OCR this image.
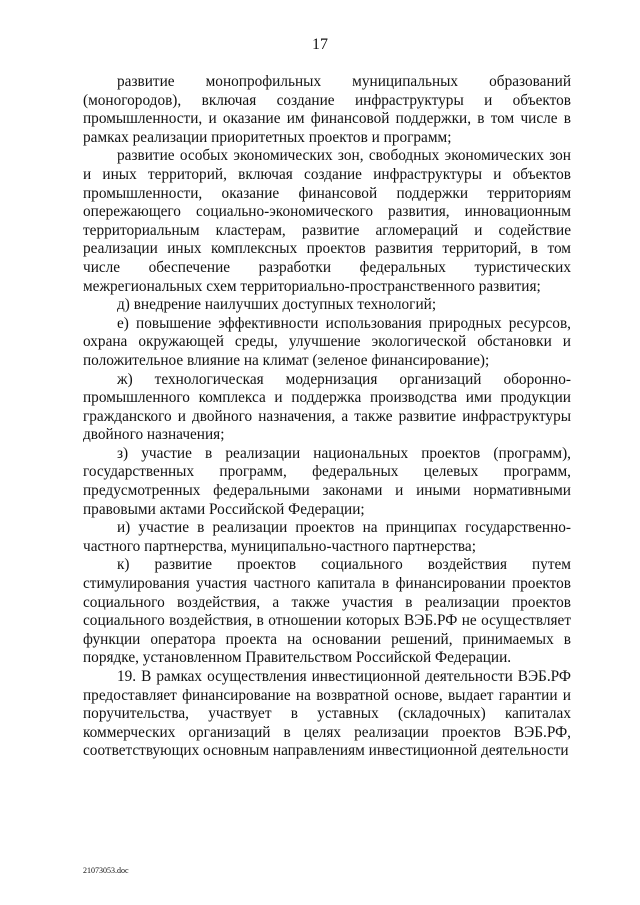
17

развитие монопрофильных муниципальных образований (моногородов), включая создание инфраструктуры и объектов промышленности, и оказание им финансовой поддержки, в том числе в рамках реализации приоритетных проектов и программ;

развитие особых экономических зон, свободных экономических зон и иных территорий, включая создание инфраструктуры и объектов промышленности, оказание финансовой поддержки территориям опережающего социально-экономического развития, инновационным территориальным кластерам, развитие агломераций и содействие реализации иных комплексных проектов развития территорий, в том числе обеспечение разработки федеральных туристических межрегиональных схем территориально-пространственного развития;

д) внедрение наилучших доступных технологий;

е) повышение эффективности использования природных ресурсов, охрана окружающей среды, улучшение экологической обстановки и положительное влияние на климат (зеленое финансирование);

ж) технологическая модернизация организаций оборонно-промышленного комплекса и поддержка производства ими продукции гражданского и двойного назначения, а также развитие инфраструктуры двойного назначения;

з) участие в реализации национальных проектов (программ), государственных программ, федеральных целевых программ, предусмотренных федеральными законами и иными нормативными правовыми актами Российской Федерации;

и) участие в реализации проектов на принципах государственно-частного партнерства, муниципально-частного партнерства;

к) развитие проектов социального воздействия путем стимулирования участия частного капитала в финансировании проектов социального воздействия, а также участия в реализации проектов социального воздействия, в отношении которых ВЭБ.РФ не осуществляет функции оператора проекта на основании решений, принимаемых в порядке, установленном Правительством Российской Федерации.

19. В рамках осуществления инвестиционной деятельности ВЭБ.РФ предоставляет финансирование на возвратной основе, выдает гарантии и поручительства, участвует в уставных (складочных) капиталах коммерческих организаций в целях реализации проектов ВЭБ.РФ, соответствующих основным направлениям инвестиционной деятельности

21073053.doc
